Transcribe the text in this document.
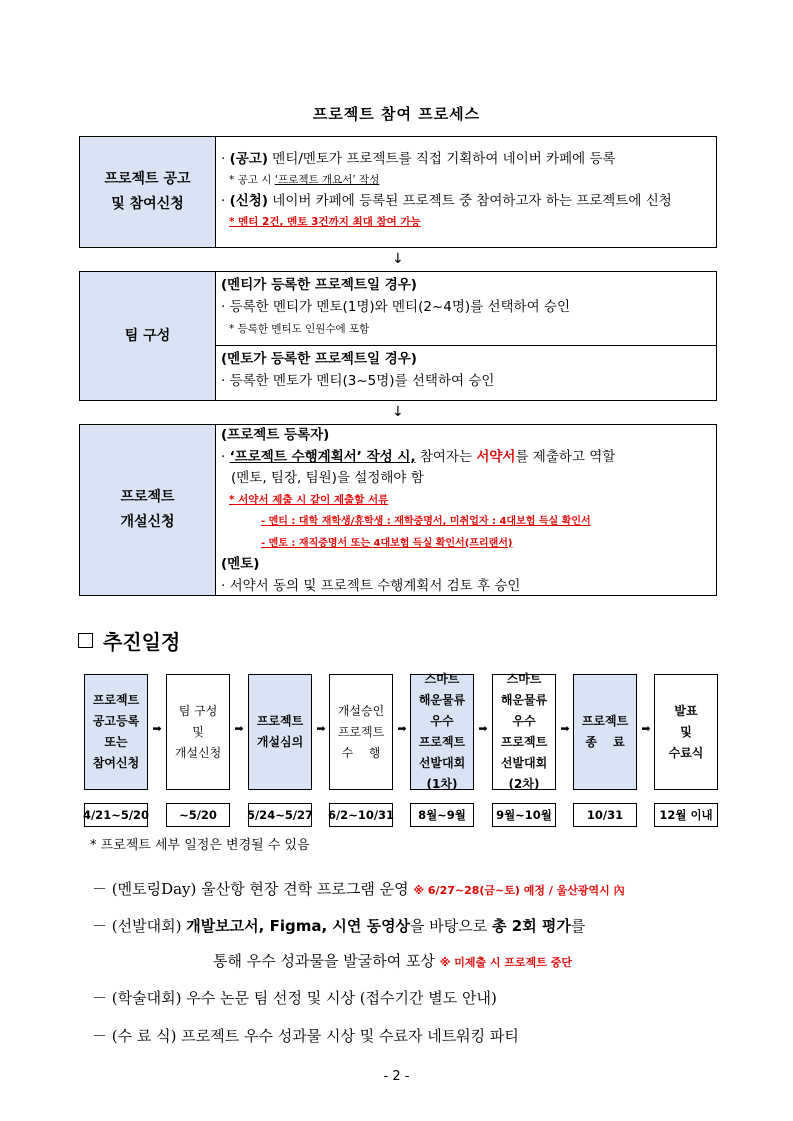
프로젝트 참여 프로세스
프로젝트 공고
및 참여신청
· (공고) 멘티/멘토가 프로젝트를 직접 기획하여 네이버 카페에 등록
* 공고 시 ‘프로젝트 개요서’ 작성
· (신청) 네이버 카페에 등록된 프로젝트 중 참여하고자 하는 프로젝트에 신청
* 멘티 2건, 멘토 3건까지 최대 참여 가능
↓
팀 구성
(멘티가 등록한 프로젝트일 경우)
· 등록한 멘티가 멘토(1명)와 멘티(2~4명)를 선택하여 승인
* 등록한 멘티도 인원수에 포함
(멘토가 등록한 프로젝트일 경우)
· 등록한 멘토가 멘티(3~5명)를 선택하여 승인
↓
프로젝트
개설신청
(프로젝트 등록자)
· ‘프로젝트 수행계획서’ 작성 시, 참여자는 서약서를 제출하고 역할
(멘토, 팀장, 팀원)을 설정해야 함
* 서약서 제출 시 같이 제출할 서류
- 멘티 : 대학 재학생/휴학생 : 재학증명서, 미취업자 : 4대보험 득실 확인서
- 멘토 : 재직증명서 또는 4대보험 득실 확인서(프리랜서)
(멘토)
· 서약서 동의 및 프로젝트 수행계획서 검토 후 승인
추진일정
프로젝트
공고등록
또는
참여신청
4/21~5/20
➡
팀 구성
및
개설신청
~5/20
➡
프로젝트
개설심의
5/24~5/27
➡
개설승인
프로젝트
수　 행
6/2~10/31
➡
스마트
해운물류
우수
프로젝트
선발대회
(1차)
8월~9월
➡
스마트
해운물류
우수
프로젝트
선발대회
(2차)
9월~10월
➡
프로젝트
종　 료
10/31
➡
발표
및
수료식
12월 이내
* 프로젝트 세부 일정은 변경될 수 있음
－ (멘토링Day) 울산항 현장 견학 프로그램 운영 ※ 6/27~28(금~토) 예정 / 울산광역시 內
－ (선발대회) 개발보고서, Figma, 시연 동영상을 바탕으로 총 2회 평가를
통해 우수 성과물을 발굴하여 포상 ※ 미제출 시 프로젝트 중단
－ (학술대회) 우수 논문 팀 선정 및 시상 (접수기간 별도 안내)
－ (수 료 식) 프로젝트 우수 성과물 시상 및 수료자 네트워킹 파티
- 2 -
